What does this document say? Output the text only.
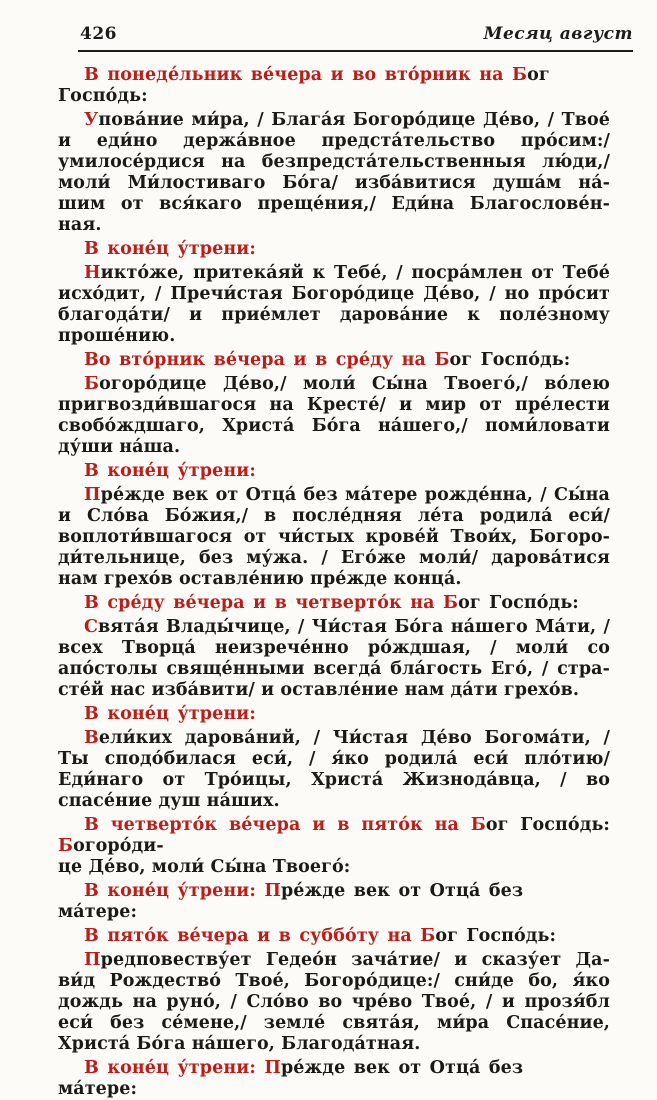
426	Месяц август
В понеде́льник ве́чера и во вто́рник на Бог Госпо́дь:
Упова́ние ми́ра, / Блага́я Богоро́дице Де́во, / Твое́
и еди́но держа́вное предста́тельство про́сим:/
умилосе́рдися на безпредста́тельственныя лю́ди,/
моли́ Ми́лостиваго Бо́га/ изба́витися душа́м на́-
шим от вся́каго преще́ния,/ Еди́на Благослове́н-
ная.
В коне́ц у́трени:
Никто́же, притека́яй к Тебе́, / посра́млен от Тебе́
исхо́дит, / Пречи́стая Богоро́дице Де́во, / но про́сит
благода́ти/ и прие́млет дарова́ние к поле́зному
проше́нию.
Во вто́рник ве́чера и в сре́ду на Бог Госпо́дь:
Богоро́дице Де́во,/ моли́ Сы́на Твоего́,/ во́лею
пригвозди́вшагося на Кресте́/ и мир от пре́лести
свобо́ждшаго, Христа́ Бо́га на́шего,/ поми́ловати
ду́ши на́ша.
В коне́ц у́трени:
Пре́жде век от Отца́ без ма́тере рожде́нна, / Сы́на
и Сло́ва Бо́жия,/ в после́дняя ле́та родила́ еси́/
воплоти́вшагося от чи́стых крове́й Твои́х, Богоро-
ди́тельнице, без му́жа. / Его́же моли́/ дарова́тися
нам грехо́в оставле́нию пре́жде конца́.
В сре́ду ве́чера и в четверто́к на Бог Госпо́дь:
Свята́я Влады́чице, / Чи́стая Бо́га на́шего Ма́ти, /
всех Творца́ неизрече́нно ро́ждшая, / моли́ со
апо́столы свяще́нными всегда́ бла́гость Его́, / стра-
сте́й нас изба́вити/ и оставле́ние нам да́ти грехо́в.
В коне́ц у́трени:
Вели́ких дарова́ний, / Чи́стая Де́во Богома́ти, /
Ты сподо́билася еси́, / я́ко родила́ еси́ пло́тию/
Еди́наго от Тро́ицы, Христа́ Жизнода́вца, / во
спасе́ние душ на́ших.
В четверто́к ве́чера и в пято́к на Бог Госпо́дь: Богоро́ди-
це Де́во, моли́ Сы́на Твоего́:
В коне́ц у́трени: Пре́жде век от Отца́ без ма́тере:
В пято́к ве́чера и в суббо́ту на Бог Госпо́дь:
Предповеству́ет Гедео́н зача́тие/ и сказу́ет Да-
ви́д Рождество́ Твое́, Богоро́дице:/ сни́де бо, я́ко
дождь на руно́, / Сло́во во чре́во Твое́, / и прозя́бл
еси́ без се́мене,/ земле́ свята́я, ми́ра Спасе́ние,
Христа́ Бо́га на́шего, Благода́тная.
В коне́ц у́трени: Пре́жде век от Отца́ без ма́тере:
